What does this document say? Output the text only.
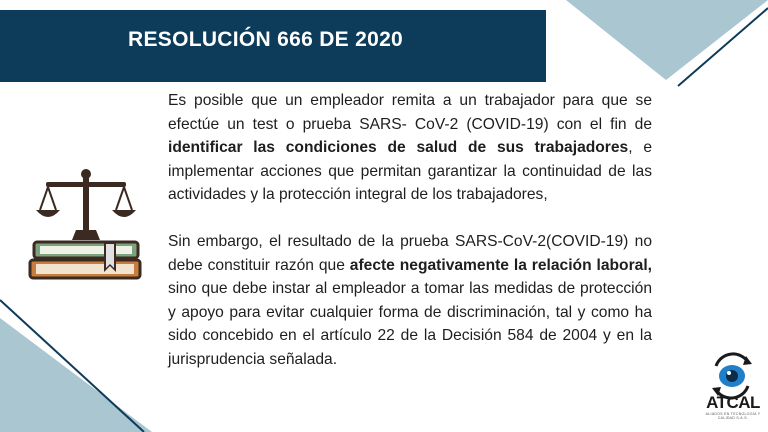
RESOLUCIÓN 666 DE 2020

Es posible que un empleador remita a un trabajador para que se efectúe un test o prueba SARS- CoV-2 (COVID-19) con el fin de identificar las condiciones de salud de sus trabajadores, e implementar acciones que permitan garantizar la continuidad de las actividades y la protección integral de los trabajadores,

Sin embargo, el resultado de la prueba SARS-CoV-2(COVID-19) no debe constituir razón que afecte negativamente la relación laboral, sino que debe instar al empleador a tomar las medidas de protección y apoyo para evitar cualquier forma de discriminación, tal y como ha sido concebido en el artículo 22 de la Decisión 584 de 2004 y en la jurisprudencia señalada.

ATCAL
ALIADOS EN TECNOLOGÍA Y CALIDAD S.A.S.
